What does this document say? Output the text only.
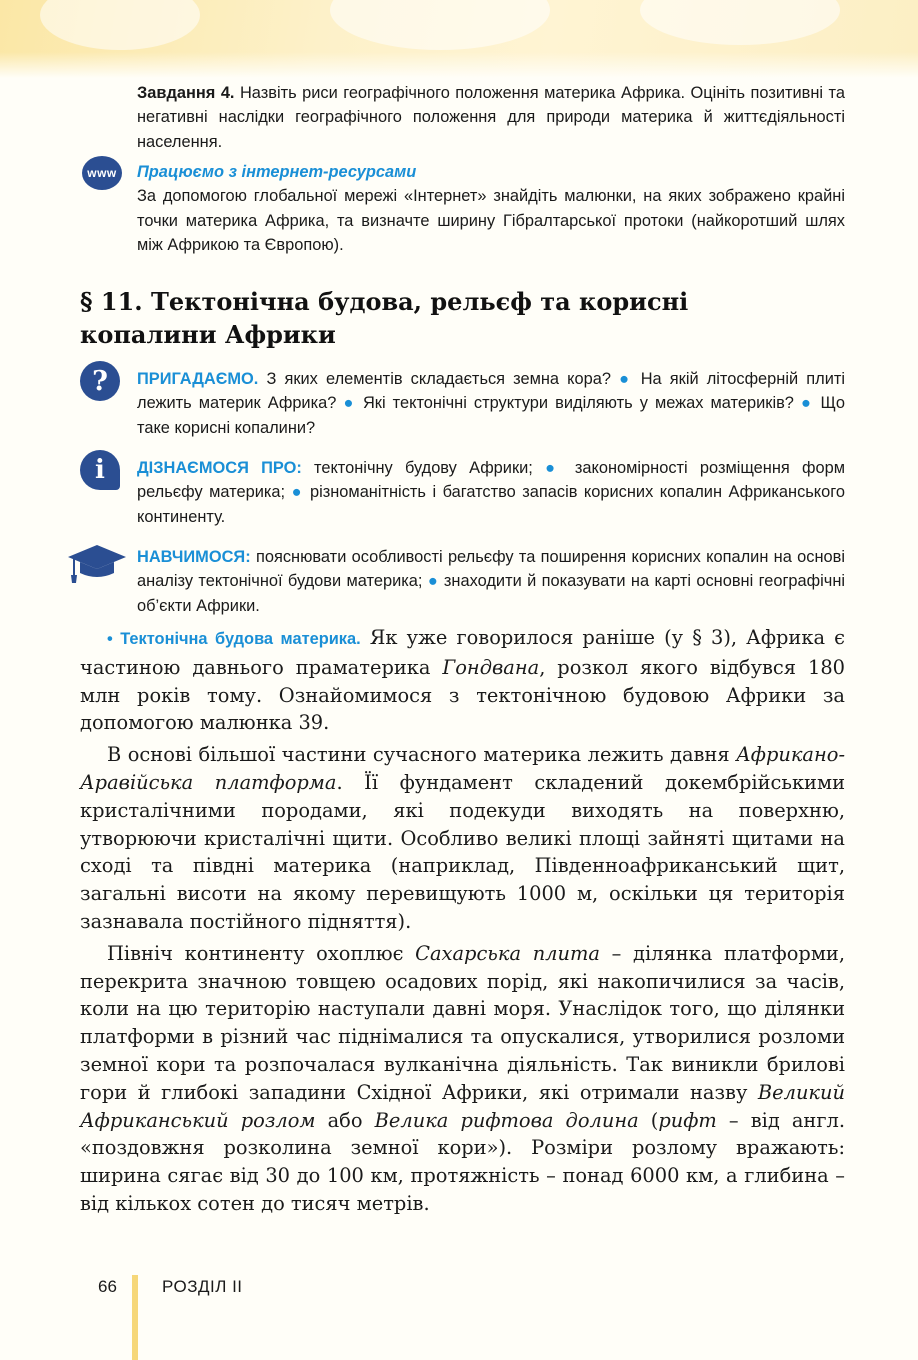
Завдання 4. Назвіть риси географічного положення материка Африка. Оцініть позитивні та негативні наслідки географічного положення для природи материка й життєдіяльності населення.
www Працюємо з інтернет-ресурсами
За допомогою глобальної мережі «Інтернет» знайдіть малюнки, на яких зображено крайні точки материка Африка, та визначте ширину Гібралтарської протоки (найкоротший шлях між Африкою та Європою).
§ 11. Тектонічна будова, рельєф та корисні
копалини Африки
? ПРИГАДАЄМО. З яких елементів складається земна кора? ● На якій літосферній плиті лежить материк Африка? ● Які тектонічні структури виділяють у межах материків? ● Що таке корисні копалини?
i ДІЗНАЄМОСЯ ПРО: тектонічну будову Африки; ● закономірності розміщення форм рельєфу материка; ● різноманітність і багатство запасів корисних копалин Африканського континенту.
НАВЧИМОСЯ: пояснювати особливості рельєфу та поширення корисних копалин на основі аналізу тектонічної будови материка; ● знаходити й показувати на карті основні географічні об’єкти Африки.

• Тектонічна будова материка. Як уже говорилося раніше (у § 3), Африка є частиною давнього праматерика Гондвана, розкол якого відбувся 180 млн років тому. Ознайомимося з тектонічною будовою Африки за допомогою малюнка 39.

В основі більшої частини сучасного материка лежить давня Африкано-Аравійська платформа. Її фундамент складений докембрійськими кристалічними породами, які подекуди виходять на поверхню, утворюючи кристалічні щити. Особливо великі площі зайняті щитами на сході та півдні материка (наприклад, Південноафриканський щит, загальні висоти на якому перевищують 1000 м, оскільки ця територія зазнавала постійного підняття).

Північ континенту охоплює Сахарська плита – ділянка платформи, перекрита значною товщею осадових порід, які накопичилися за часів, коли на цю територію наступали давні моря. Унаслідок того, що ділянки платформи в різний час піднімалися та опускалися, утворилися розломи земної кори та розпочалася вулканічна діяльність. Так виникли брилові гори й глибокі западини Східної Африки, які отримали назву Великий Африканський розлом або Велика рифтова долина (рифт – від англ. «поздовжня розколина земної кори»). Розміри розлому вражають: ширина сягає від 30 до 100 км, протяжність – понад 6000 км, а глибина – від кількох сотен до тисяч метрів.

66	РОЗДІЛ ІІ
